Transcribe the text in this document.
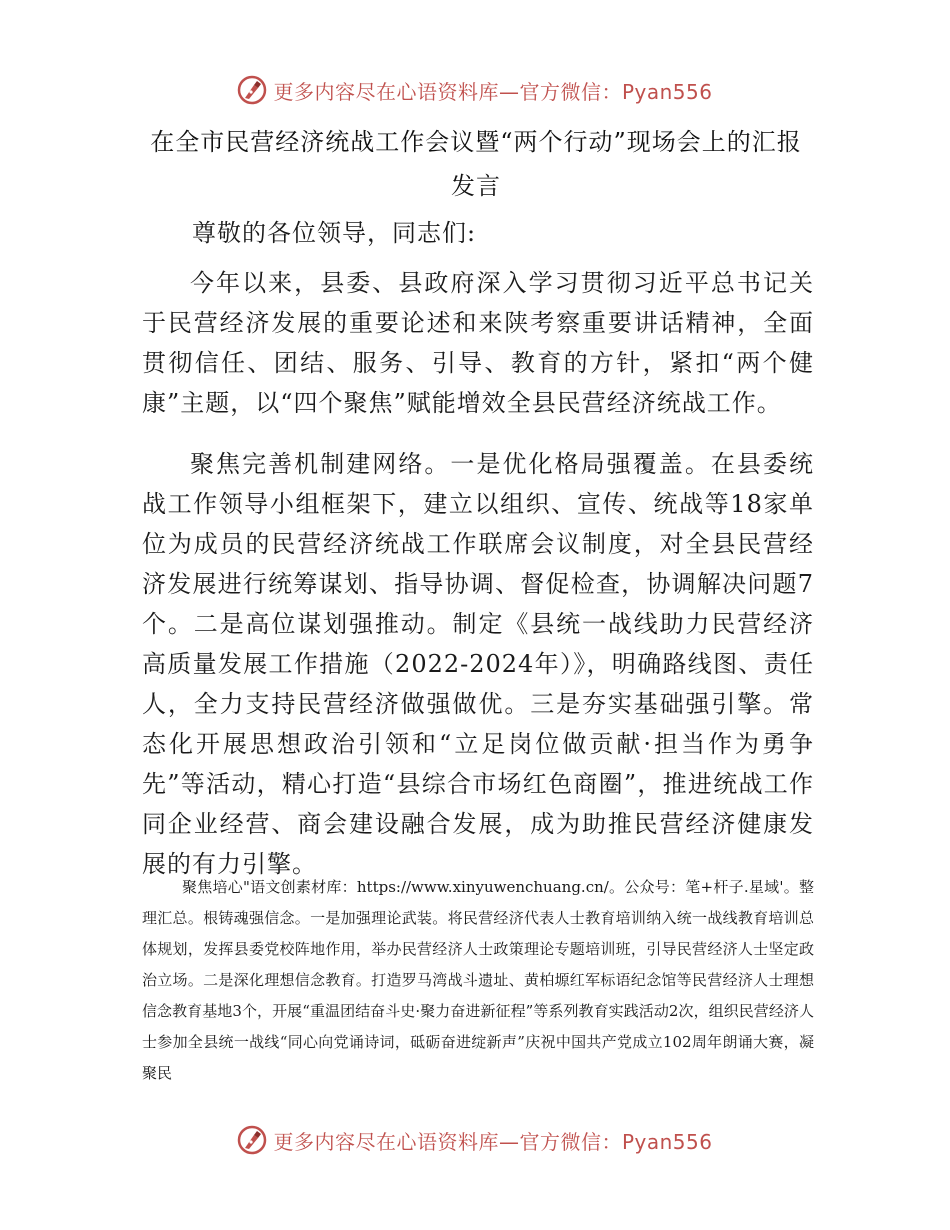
更多内容尽在心语资料库—官方微信：Pyan556
在全市民营经济统战工作会议暨“两个行动”现场会上的汇报发言
尊敬的各位领导，同志们:

今年以来，县委、县政府深入学习贯彻习近平总书记关于民营经济发展的重要论述和来陕考察重要讲话精神，全面贯彻信任、团结、服务、引导、教育的方针，紧扣“两个健康”主题，以“四个聚焦”赋能增效全县民营经济统战工作。

聚焦完善机制建网络。一是优化格局强覆盖。在县委统战工作领导小组框架下，建立以组织、宣传、统战等18家单位为成员的民营经济统战工作联席会议制度，对全县民营经济发展进行统筹谋划、指导协调、督促检查，协调解决问题7个。二是高位谋划强推动。制定《县统一战线助力民营经济高质量发展工作措施（2022-2024年）》，明确路线图、责任人，全力支持民营经济做强做优。三是夯实基础强引擎。常态化开展思想政治引领和“立足岗位做贡献·担当作为勇争先”等活动，精心打造“县综合市场红色商圈”，推进统战工作同企业经营、商会建设融合发展，成为助推民营经济健康发展的有力引擎。

聚焦培心"语文创素材库：https://www.xinyuwenchuang.cn/。公众号：笔+杆子.星域'。整理汇总。根铸魂强信念。一是加强理论武装。将民营经济代表人士教育培训纳入统一战线教育培训总体规划，发挥县委党校阵地作用，举办民营经济人士政策理论专题培训班，引导民营经济人士坚定政治立场。二是深化理想信念教育。打造罗马湾战斗遗址、黄柏塬红军标语纪念馆等民营经济人士理想信念教育基地3个，开展“重温团结奋斗史·聚力奋进新征程”等系列教育实践活动2次，组织民营经济人士参加全县统一战线“同心向党诵诗词，砥砺奋进绽新声”庆祝中国共产党成立102周年朗诵大赛，凝聚民

更多内容尽在心语资料库—官方微信：Pyan556
